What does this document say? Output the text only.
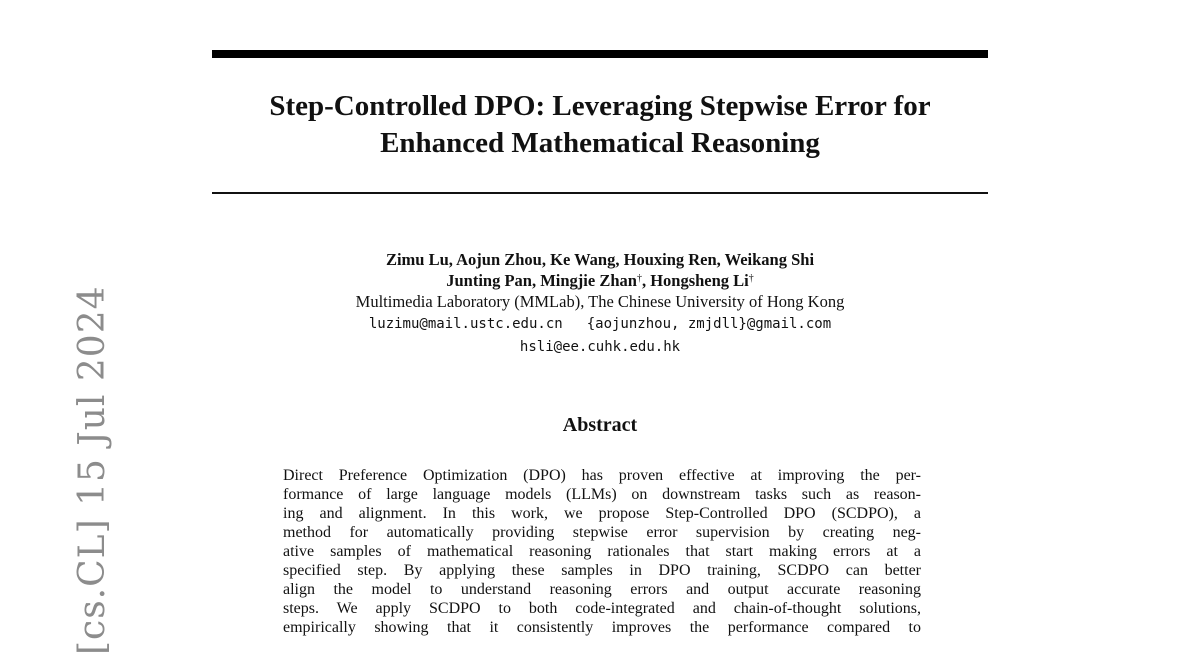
[cs.CL] 15 Jul 2024
Step-Controlled DPO: Leveraging Stepwise Error for
Enhanced Mathematical Reasoning
Zimu Lu, Aojun Zhou, Ke Wang, Houxing Ren, Weikang Shi
Junting Pan, Mingjie Zhan†, Hongsheng Li†
Multimedia Laboratory (MMLab), The Chinese University of Hong Kong
luzimu@mail.ustc.edu.cn {aojunzhou, zmjdll}@gmail.com
hsli@ee.cuhk.edu.hk
Abstract
Direct Preference Optimization (DPO) has proven effective at improving the per-
formance of large language models (LLMs) on downstream tasks such as reason-
ing and alignment. In this work, we propose Step-Controlled DPO (SCDPO), a
method for automatically providing stepwise error supervision by creating neg-
ative samples of mathematical reasoning rationales that start making errors at a
specified step. By applying these samples in DPO training, SCDPO can better
align the model to understand reasoning errors and output accurate reasoning
steps. We apply SCDPO to both code-integrated and chain-of-thought solutions,
empirically showing that it consistently improves the performance compared to
